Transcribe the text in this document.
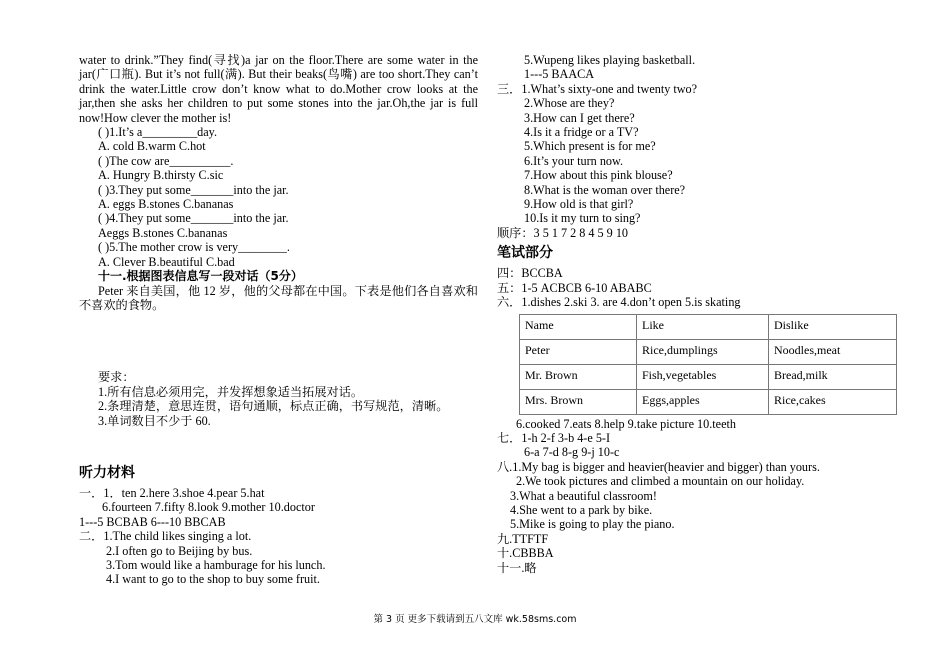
water to drink.”They find(寻找)a jar on the floor.There are some water in the jar(广口瓶). But it’s not full(满). But their beaks(鸟嘴) are too short.They can’t drink the water.Little crow don’t know what to do.Mother crow looks at the jar,then she asks her children to put some stones into the jar.Oh,the jar is full now!How clever the mother is!
( )1.It’s a_________day.
A. cold B.warm C.hot
( )The cow are__________.
A. Hungry B.thirsty C.sic
( )3.They put some_______into the jar.
A. eggs B.stones C.bananas
( )4.They put some_______into the jar.
Aeggs B.stones C.bananas
( )5.The mother crow is very________.
A. Clever B.beautiful C.bad
十一.根据图表信息写一段对话（5分）
Peter 来自美国，他 12 岁，他的父母都在中国。下表是他们各自喜欢和不喜欢的食物。
要求：
1.所有信息必须用完，并发挥想象适当拓展对话。
2.条理清楚，意思连贯，语句通顺，标点正确，书写规范，清晰。
3.单词数目不少于 60.
听力材料
一．1．ten 2.here 3.shoe 4.pear 5.hat
6.fourteen 7.fifty 8.look 9.mother 10.doctor
1---5 BCBAB 6---10 BBCAB
二．1.The child likes singing a lot.
2.I often go to Beijing by bus.
3.Tom would like a hamburage for his lunch.
4.I want to go to the shop to buy some fruit.
5.Wupeng likes playing basketball.
1---5 BAACA
三．1.What’s sixty-one and twenty two?
2.Whose are they?
3.How can I get there?
4.Is it a fridge or a TV?
5.Which present is for me?
6.It’s your turn now.
7.How about this pink blouse?
8.What is the woman over there?
9.How old is that girl?
10.Is it my turn to sing?
顺序：3 5 1 7 2 8 4 5 9 10
笔试部分
四：BCCBA
五：1-5 ACBCB 6-10 ABABC
六．1.dishes 2.ski 3. are 4.don’t open 5.is skating
Name	Like	Dislike
Peter	Rice,dumplings	Noodles,meat
Mr. Brown	Fish,vegetables	Bread,milk
Mrs. Brown	Eggs,apples	Rice,cakes
6.cooked 7.eats 8.help 9.take picture 10.teeth
七．1-h 2-f 3-b 4-e 5-I
6-a 7-d 8-g 9-j 10-c
八.1.My bag is bigger and heavier(heavier and bigger) than yours.
2.We took pictures and climbed a mountain on our holiday.
3.What a beautiful classroom!
4.She went to a park by bike.
5.Mike is going to play the piano.
九.TTFTF
十.CBBBA
十一.略
第 3 页 更多下载请到五八文库 wk.58sms.com
